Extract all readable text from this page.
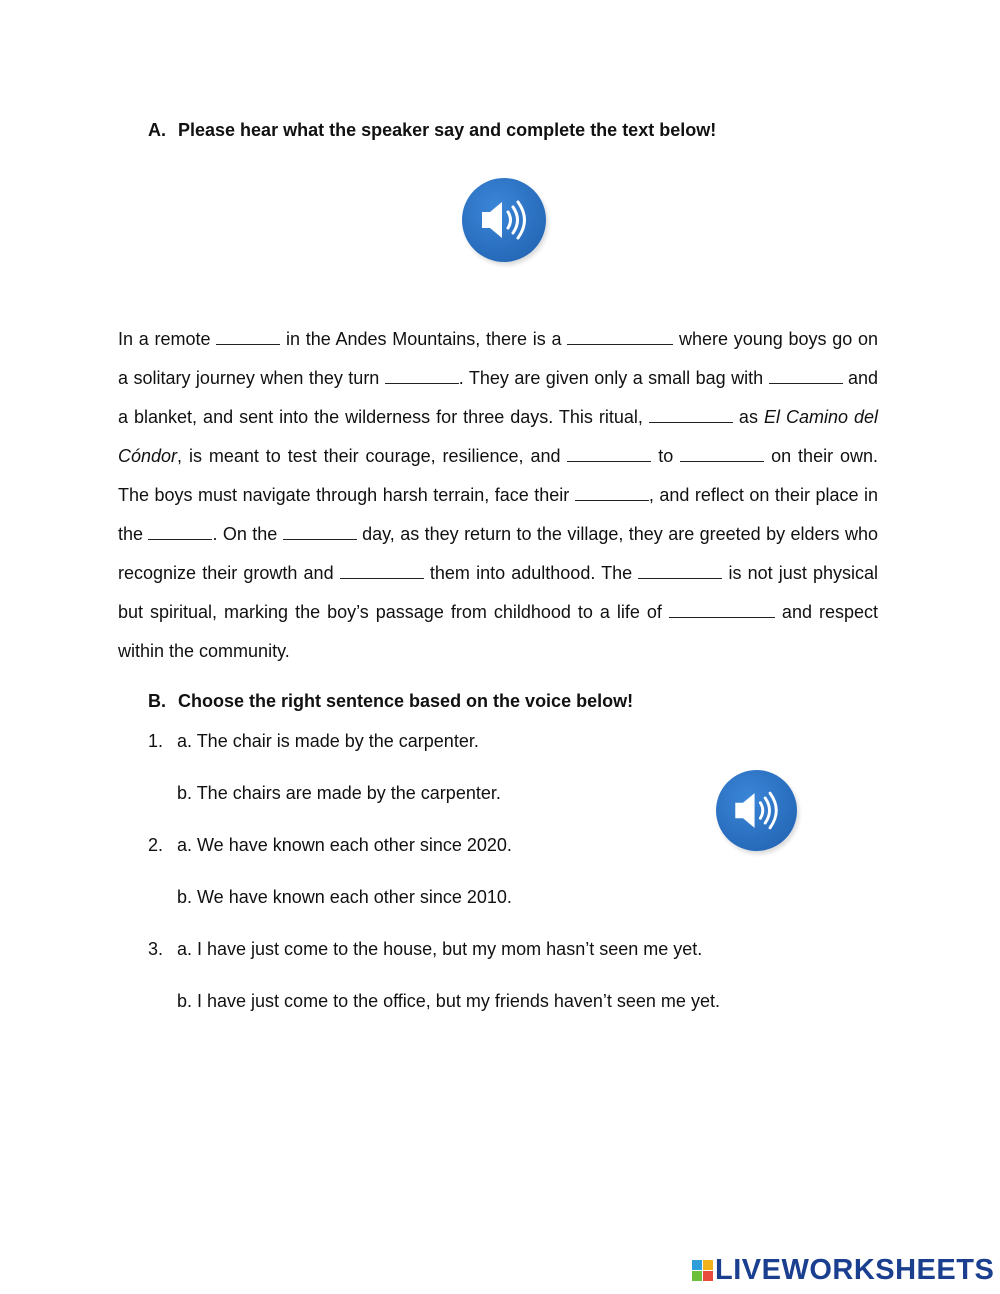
A. Please hear what the speaker say and complete the text below!

In a remote	in the Andes Mountains, there is a	where young boys go on a solitary journey when they turn	. They are given only a small bag with	and a blanket, and sent into the wilderness for three days. This ritual,	as El Camino del Cóndor, is meant to test their courage, resilience, and	to	on their own. The boys must navigate through harsh terrain, face their	, and reflect on their place in the	. On the	day, as they return to the village, they are greeted by elders who recognize their growth and	them into adulthood. The	is not just physical but spiritual, marking the boy’s passage from childhood to a life of	and respect within the community.

B. Choose the right sentence based on the voice below!
1. a. The chair is made by the carpenter.
b. The chairs are made by the carpenter.
2. a. We have known each other since 2020.
b. We have known each other since 2010.
3. a. I have just come to the house, but my mom hasn’t seen me yet.
b. I have just come to the office, but my friends haven’t seen me yet.
LIVEWORKSHEETS
